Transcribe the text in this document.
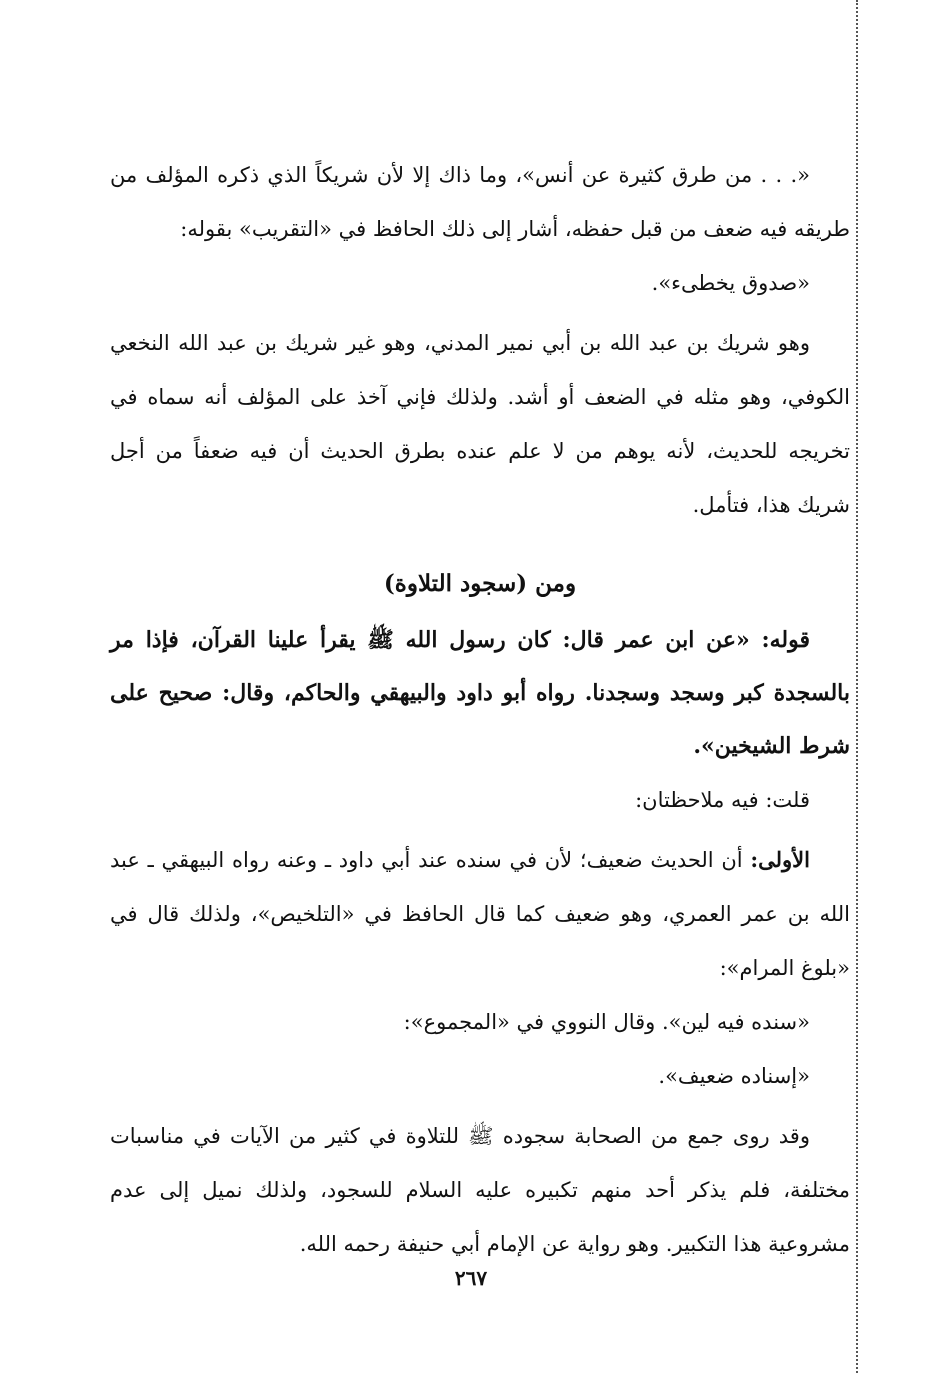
«. . . من طرق كثيرة عن أنس»، وما ذاك إلا لأن شريكاً الذي ذكره المؤلف من طريقه فيه ضعف من قبل حفظه، أشار إلى ذلك الحافظ في «التقريب» بقوله:

«صدوق يخطىء».

وهو شريك بن عبد الله بن أبي نمير المدني، وهو غير شريك بن عبد الله النخعي الكوفي، وهو مثله في الضعف أو أشد. ولذلك فإني آخذ على المؤلف أنه سماه في تخريجه للحديث، لأنه يوهم من لا علم عنده بطرق الحديث أن فيه ضعفاً من أجل شريك هذا، فتأمل.

ومن (سجود التلاوة)

قوله: «عن ابن عمر قال: كان رسول الله ﷺ يقرأ علينا القرآن، فإذا مر بالسجدة كبر وسجد وسجدنا. رواه أبو داود والبيهقي والحاكم، وقال: صحيح على شرط الشيخين».

قلت: فيه ملاحظتان:

الأولى: أن الحديث ضعيف؛ لأن في سنده عند أبي داود ـ وعنه رواه البيهقي ـ عبد الله بن عمر العمري، وهو ضعيف كما قال الحافظ في «التلخيص»، ولذلك قال في «بلوغ المرام»:

«سنده فيه لين». وقال النووي في «المجموع»:

«إسناده ضعيف».

وقد روى جمع من الصحابة سجوده ﷺ للتلاوة في كثير من الآيات في مناسبات مختلفة، فلم يذكر أحد منهم تكبيره عليه السلام للسجود، ولذلك نميل إلى عدم مشروعية هذا التكبير. وهو رواية عن الإمام أبي حنيفة رحمه الله.

٢٦٧
